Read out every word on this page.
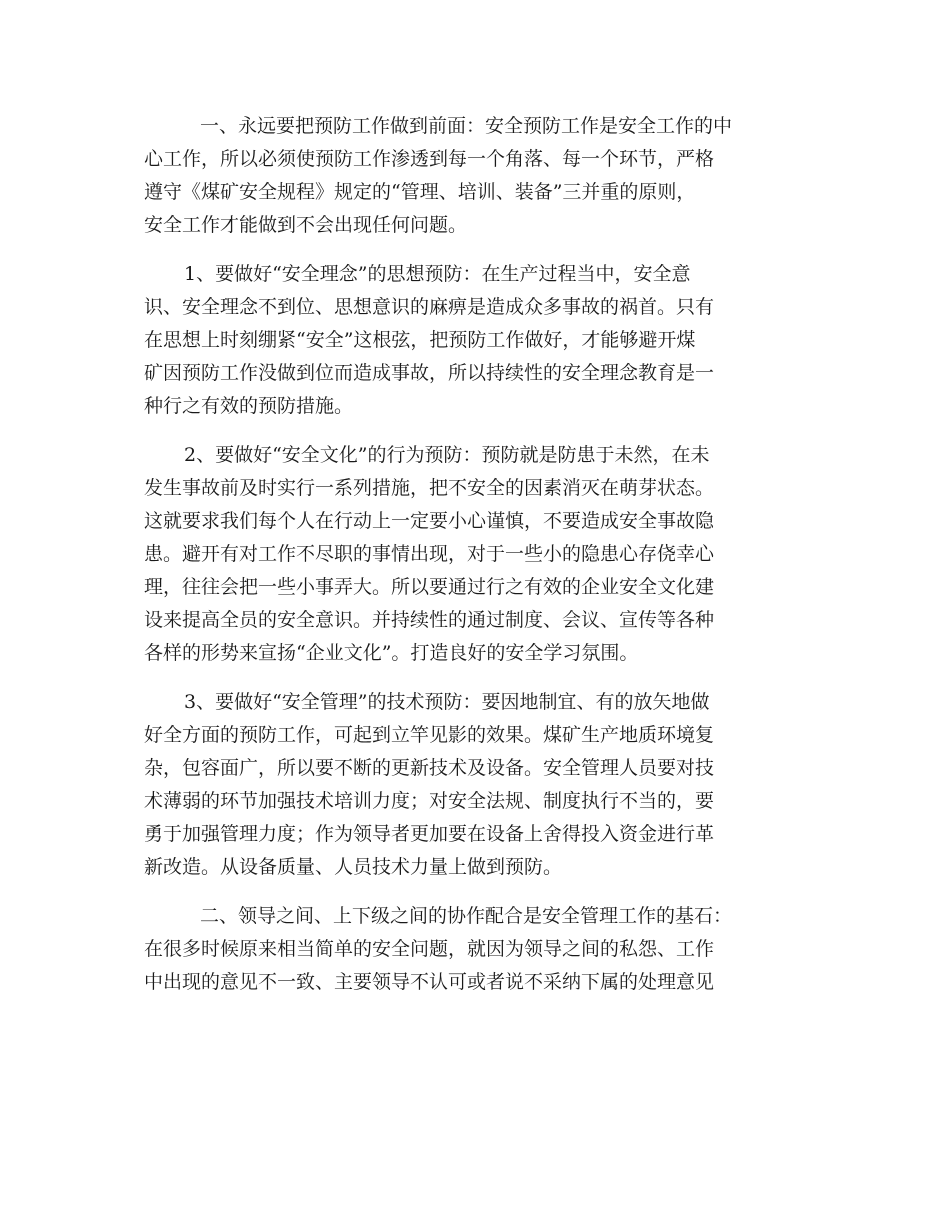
一、永远要把预防工作做到前面：安全预防工作是安全工作的中
心工作，所以必须使预防工作渗透到每一个角落、每一个环节，严格
遵守《煤矿安全规程》规定的“管理、培训、装备”三并重的原则，
安全工作才能做到不会出现任何问题。
1、要做好“安全理念”的思想预防：在生产过程当中，安全意
识、安全理念不到位、思想意识的麻痹是造成众多事故的祸首。只有
在思想上时刻绷紧“安全”这根弦，把预防工作做好，才能够避开煤
矿因预防工作没做到位而造成事故，所以持续性的安全理念教育是一
种行之有效的预防措施。
2、要做好“安全文化”的行为预防：预防就是防患于未然，在未
发生事故前及时实行一系列措施，把不安全的因素消灭在萌芽状态。
这就要求我们每个人在行动上一定要小心谨慎，不要造成安全事故隐
患。避开有对工作不尽职的事情出现，对于一些小的隐患心存侥幸心
理，往往会把一些小事弄大。所以要通过行之有效的企业安全文化建
设来提高全员的安全意识。并持续性的通过制度、会议、宣传等各种
各样的形势来宣扬“企业文化”。打造良好的安全学习氛围。
3、要做好“安全管理”的技术预防：要因地制宜、有的放矢地做
好全方面的预防工作，可起到立竿见影的效果。煤矿生产地质环境复
杂，包容面广，所以要不断的更新技术及设备。安全管理人员要对技
术薄弱的环节加强技术培训力度；对安全法规、制度执行不当的，要
勇于加强管理力度；作为领导者更加要在设备上舍得投入资金进行革
新改造。从设备质量、人员技术力量上做到预防。
二、领导之间、上下级之间的协作配合是安全管理工作的基石：
在很多时候原来相当简单的安全问题，就因为领导之间的私怨、工作
中出现的意见不一致、主要领导不认可或者说不采纳下属的处理意见
